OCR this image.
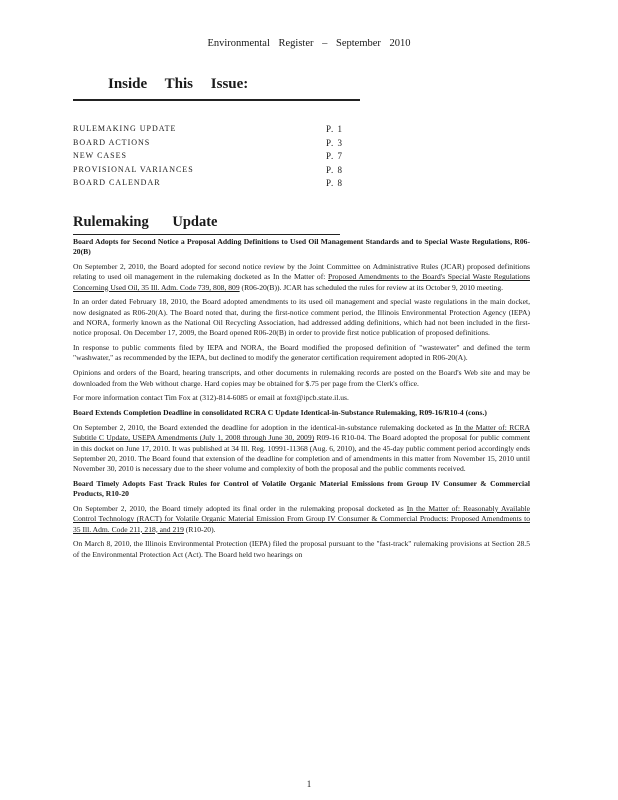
Environmental Register – September 2010
Inside This Issue:
RULEMAKING UPDATE	P. 1
BOARD ACTIONS	P. 3
NEW CASES	P. 7
PROVISIONAL VARIANCES	P. 8
BOARD CALENDAR	P. 8
Rulemaking Update

Board Adopts for Second Notice a Proposal Adding Definitions to Used Oil Management Standards and to Special Waste Regulations, R06-20(B)

On September 2, 2010, the Board adopted for second notice review by the Joint Committee on Administrative Rules (JCAR) proposed definitions relating to used oil management in the rulemaking docketed as In the Matter of: Proposed Amendments to the Board's Special Waste Regulations Concerning Used Oil, 35 Ill. Adm. Code 739, 808, 809 (R06-20(B)). JCAR has scheduled the rules for review at its October 9, 2010 meeting.

In an order dated February 18, 2010, the Board adopted amendments to its used oil management and special waste regulations in the main docket, now designated as R06-20(A). The Board noted that, during the first-notice comment period, the Illinois Environmental Protection Agency (IEPA) and NORA, formerly known as the National Oil Recycling Association, had addressed adding definitions, which had not been included in the first-notice proposal. On December 17, 2009, the Board opened R06-20(B) in order to provide first notice publication of proposed definitions.

In response to public comments filed by IEPA and NORA, the Board modified the proposed definition of "wastewater" and defined the term "washwater," as recommended by the IEPA, but declined to modify the generator certification requirement adopted in R06-20(A).

Opinions and orders of the Board, hearing transcripts, and other documents in rulemaking records are posted on the Board's Web site and may be downloaded from the Web without charge. Hard copies may be obtained for $.75 per page from the Clerk's office.

For more information contact Tim Fox at (312)-814-6085 or email at foxt@ipcb.state.il.us.

Board Extends Completion Deadline in consolidated RCRA C Update Identical-in-Substance Rulemaking, R09-16/R10-4 (cons.)

On September 2, 2010, the Board extended the deadline for adoption in the identical-in-substance rulemaking docketed as In the Matter of: RCRA Subtitle C Update, USEPA Amendments (July 1, 2008 through June 30, 2009) R09-16 R10-04. The Board adopted the proposal for public comment in this docket on June 17, 2010. It was published at 34 Ill. Reg. 10991-11368 (Aug. 6, 2010), and the 45-day public comment period accordingly ends September 20, 2010. The Board found that extension of the deadline for completion and of amendments in this matter from November 15, 2010 until November 30, 2010 is necessary due to the sheer volume and complexity of both the proposal and the public comments received.

Board Timely Adopts Fast Track Rules for Control of Volatile Organic Material Emissions from Group IV Consumer & Commercial Products, R10-20

On September 2, 2010, the Board timely adopted its final order in the rulemaking proposal docketed as In the Matter of: Reasonably Available Control Technology (RACT) for Volatile Organic Material Emission From Group IV Consumer & Commercial Products: Proposed Amendments to 35 Ill. Adm. Code 211, 218, and 219 (R10-20).

On March 8, 2010, the Illinois Environmental Protection (IEPA) filed the proposal pursuant to the "fast-track" rulemaking provisions at Section 28.5 of the Environmental Protection Act (Act). The Board held two hearings on

1
